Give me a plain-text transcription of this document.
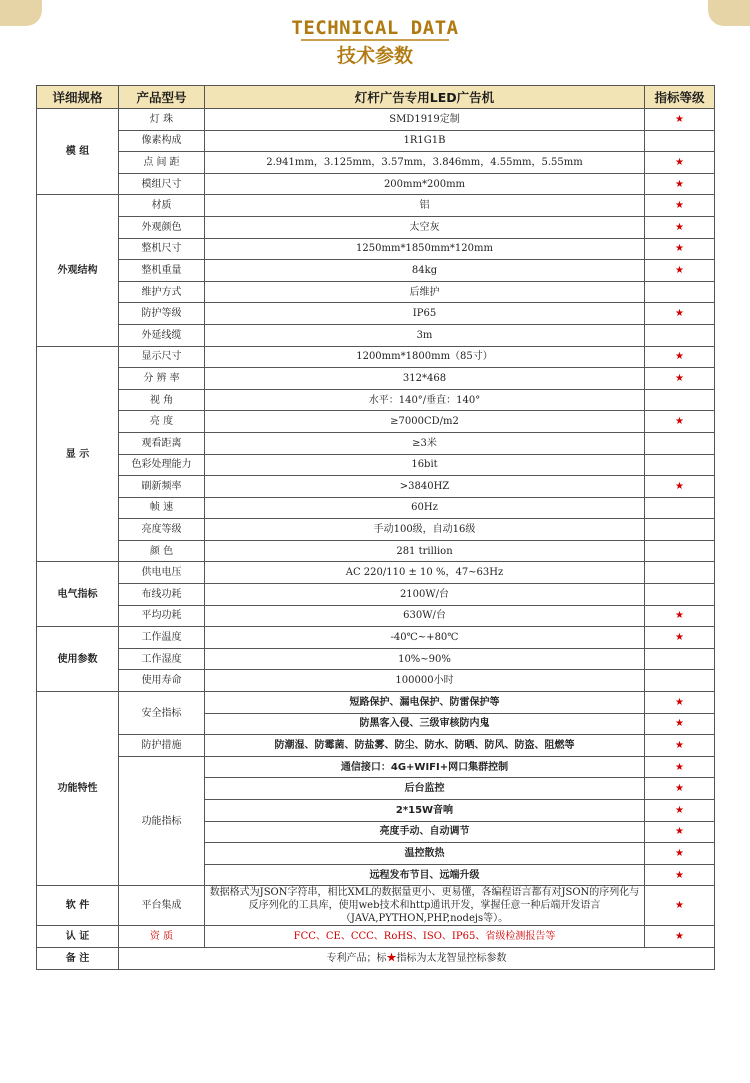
TECHNICAL DATA
技术参数
详细规格	产品型号	灯杆广告专用LED广告机	指标等级
模 组	灯 珠	SMD1919定制	★
	像素构成	1R1G1B	
	点 间 距	2.941mm，3.125mm，3.57mm，3.846mm，4.55mm，5.55mm	★
	模组尺寸	200mm*200mm	★
外观结构	材质	铝	★
	外观颜色	太空灰	★
	整机尺寸	1250mm*1850mm*120mm	★
	整机重量	84kg	★
	维护方式	后维护	
	防护等级	IP65	★
	外延线缆	3m	
显 示	显示尺寸	1200mm*1800mm（85寸）	★
	分 辨 率	312*468	★
	视 角	水平：140°/垂直：140°	
	亮 度	≥7000CD/m2	★
	观看距离	≥3米	
	色彩处理能力	16bit	
	刷新频率	>3840HZ	★
	帧 速	60Hz	
	亮度等级	手动100级，自动16级	
	颜 色	281 trillion	
电气指标	供电电压	AC 220/110 ± 10 %，47~63Hz	
	布线功耗	2100W/台	
	平均功耗	630W/台	★
使用参数	工作温度	-40℃~+80℃	★
	工作湿度	10%~90%	
	使用寿命	100000小时	
功能特性	安全指标	短路保护、漏电保护、防雷保护等	★
		防黑客入侵、三级审核防内鬼	★
	防护措施	防潮湿、防霉菌、防盐雾、防尘、防水、防晒、防风、防盗、阻燃等	★
	功能指标	通信接口：4G+WIFI+网口集群控制	★
		后台监控	★
		2*15W音响	★
		亮度手动、自动调节	★
		温控散热	★
		远程发布节目、远端升级	★
软 件	平台集成	数据格式为JSON字符串，相比XML的数据量更小、更易懂，各编程语言都有对JSON的序列化与反序列化的工具库，使用web技术和http通讯开发，掌握任意一种后端开发语言（JAVA,PYTHON,PHP,nodejs等）。	★
认 证	资 质	FCC、CE、CCC、RoHS、ISO、IP65、省级检测报告等	★
备 注	专利产品；标★指标为太龙智显控标参数		
